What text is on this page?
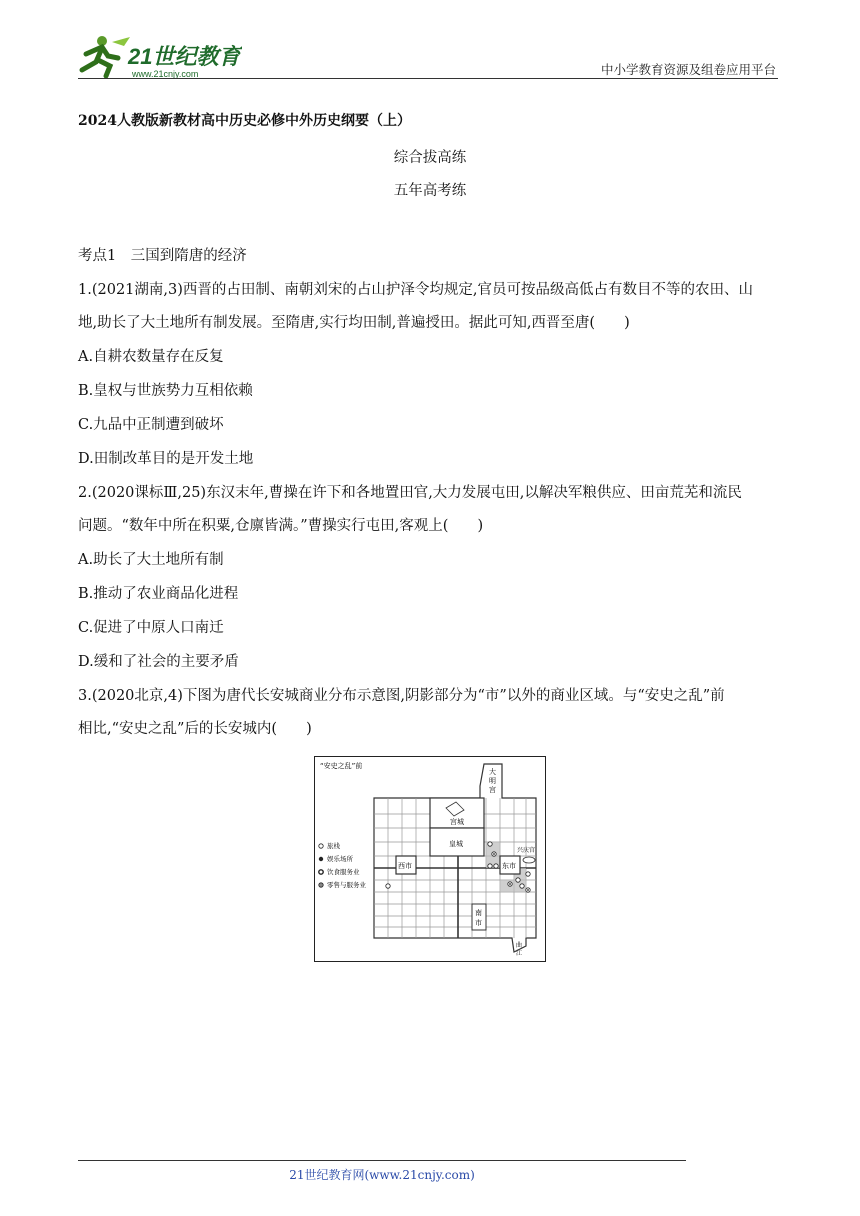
21世纪教育
www.21cnjy.com	中小学教育资源及组卷应用平台
2024人教版新教材高中历史必修中外历史纲要（上）
综合拔高练
五年高考练
考点1　三国到隋唐的经济
1.(2021湖南,3)西晋的占田制、南朝刘宋的占山护泽令均规定,官员可按品级高低占有数目不等的农田、山
地,助长了大土地所有制发展。至隋唐,实行均田制,普遍授田。据此可知,西晋至唐(　　)
A.自耕农数量存在反复
B.皇权与世族势力互相依赖
C.九品中正制遭到破坏
D.田制改革目的是开发土地
2.(2020课标Ⅲ,25)东汉末年,曹操在许下和各地置田官,大力发展屯田,以解决军粮供应、田亩荒芜和流民
问题。“数年中所在积粟,仓廪皆满。”曹操实行屯田,客观上(　　)
A.助长了大土地所有制
B.推动了农业商品化进程
C.促进了中原人口南迁
D.缓和了社会的主要矛盾
3.(2020北京,4)下图为唐代长安城商业分布示意图,阴影部分为“市”以外的商业区域。与“安史之乱”前
相比,“安史之乱”后的长安城内(　　)
“安史之乱”前
宫城
皇城
大
明
宫
西市	东市
兴庆宫
南
市
曲
江
旅栈
娱乐场所
饮食服务业
零售与服务业
21世纪教育网(www.21cnjy.com)
